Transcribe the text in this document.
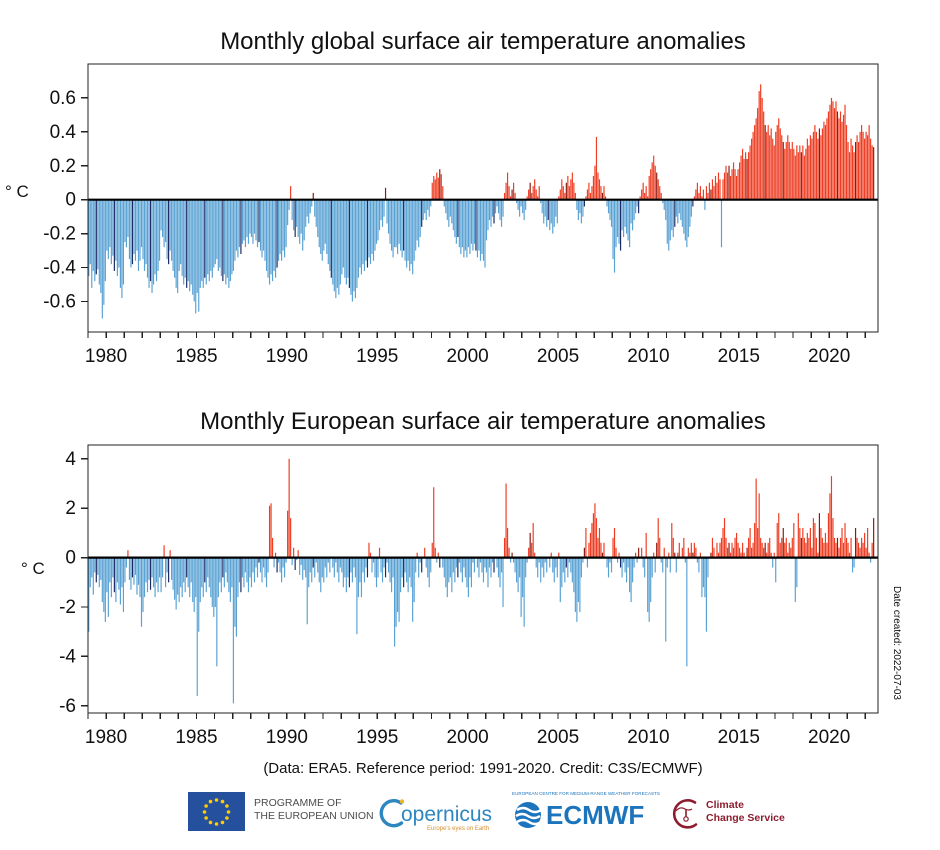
Monthly global surface air temperature anomalies
Monthly European surface air temperature anomalies
° C
° C
0.6
0.4
0.2
0
-0.2
-0.4
-0.6
1980	1985	1990	1995	2000	2005	2010	2015	2020
4
2
0
-2
-4
-6
1980	1985	1990	1995	2000	2005	2010	2015	2020
(Data: ERA5. Reference period: 1991-2020. Credit: C3S/ECMWF)
Date created: 2022-07-03
PROGRAMME OF
THE EUROPEAN UNION opernicus
Europe's eyes on Earth
EUROPEAN CENTRE FOR MEDIUM-RANGE WEATHER FORECASTS
ECMWF	Climate
Change Service
